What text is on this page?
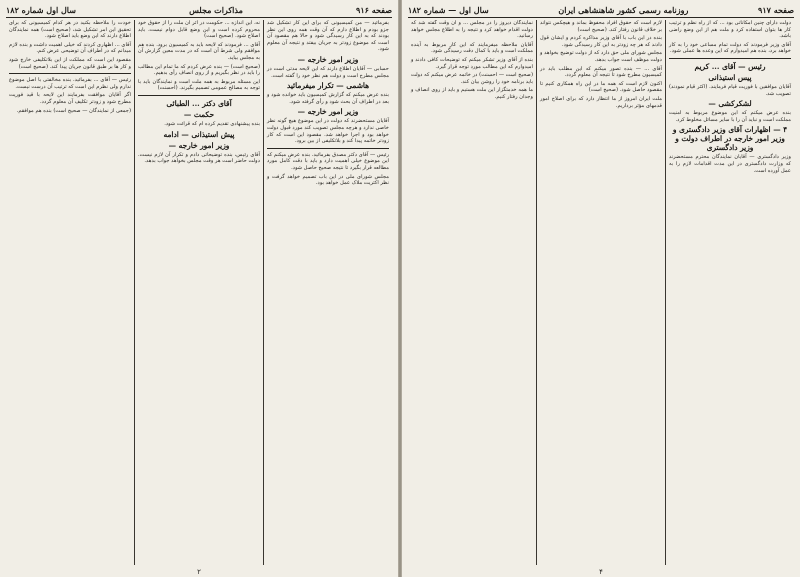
صفحه ۹۱۶
مذاکرات مجلس
سال اول شماره ۱۸۲

بفرمائید — من کمیسیونی که برای این کار تشکیل شد جزو بودم و اطلاع دارم که آن وقت همه روی این نظر بودند که به این کار رسیدگی شود و حالا هم مقصود آن است که موضوع زودتر به جریان بیفتد و نتیجه آن معلوم شود.

وزیر امور خارجه —

حسابی — آقایان اطلاع دارند که این لایحه مدتی است در مجلس مطرح است و دولت هم نظر خود را گفته است.

هاشمی — تکرار میفرمائید

بنده عرض میکنم که گزارش کمیسیون باید خوانده شود و بعد در اطراف آن بحث شود و رأی گرفته شود.

وزیر امور خارجه —

آقایان مستحضرند که دولت در این موضوع هیچ گونه نظر خاصی ندارد و هرچه مجلس تصویب کند مورد قبول دولت خواهد بود و اجرا خواهد شد. مقصود این است که کار زودتر خاتمه پیدا کند و بلاتکلیفی از بین برود.

رئیس — آقای دکتر مصدق بفرمائید. بنده عرض میکنم که این موضوع خیلی اهمیت دارد و باید با دقت کامل مورد مطالعه قرار بگیرد تا نتیجه صحیح حاصل شود.

مجلس شورای ملی در این باب تصمیم خواهد گرفت و نظر اکثریت ملاک عمل خواهد بود.

نه، این اندازه ... حکومت در اثر آن ملت را از حقوق خود محروم کرده است و این وضع قابل دوام نیست، باید اصلاح شود. (صحیح است)

آقای ... فرمودند که لایحه باید به کمیسیون برود. بنده هم موافقم ولی شرط آن است که در مدت معین گزارش آن به مجلس بیاید.

(صحیح است) — بنده عرض کردم که ما تمام این مطالب را باید در نظر بگیریم و از روی انصاف رأی بدهیم.

این مسئله مربوط به همه ملت است و نمایندگان باید با توجه به مصالح عمومی تصمیم بگیرند. (احسنت)

آقای دکتر ... الطبائی
حکمت —

بنده پیشنهادی تقدیم کرده ام که قرائت شود.

پیش استیذانی — ادامه
وزیر امور خارجه —

آقای رئیس، بنده توضیحاتی دادم و تکرار آن لازم نیست. دولت حاضر است هر وقت مجلس بخواهد جواب بدهد.

خودت را ملاحظه بکنید در هر کدام کمیسیونی که برای تحقیق این امر تشکیل شد، (صحیح است) همه نمایندگان اطلاع دارند که این وضع باید اصلاح شود.

آقای ... اظهاری کردند که خیلی اهمیت داشت و بنده لازم میدانم که در اطراف آن توضیحی عرض کنم.

مقصود این است که مملکت از این بلاتکلیفی خارج شود و کار ها بر طبق قانون جریان پیدا کند. (صحیح است)

رئیس — آقای ... بفرمائید. بنده مخالفتی با اصل موضوع ندارم ولی نظرم این است که ترتیب آن درست نیست.

اگر آقایان موافقت بفرمایند این لایحه با قید فوریت مطرح شود و زودتر تکلیف آن معلوم گردد.

(جمعی از نمایندگان — صحیح است) بنده هم موافقم.

۲
صفحه ۹۱۷
روزنامه رسمی کشور شاهنشاهی ایران
سال اول — شماره ۱۸۲

دولت دارای چنین امکاناتی بود ... که از راه نظم و ترتیب کار ها بتوان استفاده کرد و ملت هم از این وضع راضی باشد.

آقای وزیر فرمودند که دولت تمام مساعی خود را به کار خواهد برد، بنده هم امیدوارم که این وعده ها عملی شود.

رئیس — آقای ... کریم
پیس استیذانی

آقایان موافقین با فوریت قیام فرمایند. (اکثر قیام نمودند) تصویب شد.

لشکرکشی —

بنده عرض میکنم که این موضوع مربوط به امنیت مملکت است و نباید آن را با سایر مسائل مخلوط کرد.

۴ — اظهارات آقای وزیر دادگستری و وزیر امور خارجه در اطراف دولت و وزیر دادگستری

وزیر دادگستری — آقایان نمایندگان محترم مستحضرند که وزارت دادگستری در این مدت اقدامات لازم را به عمل آورده است.

لازم است که حقوق افراد محفوظ بماند و هیچکس نتواند بر خلاف قانون رفتار کند. (صحیح است)

بنده در این باب با آقای وزیر مذاکره کردم و ایشان قول دادند که هر چه زودتر به این کار رسیدگی شود.

مجلس شورای ملی حق دارد که از دولت توضیح بخواهد و دولت موظف است جواب بدهد.

آقای ... — بنده تصور میکنم که این مطلب باید در کمیسیون مطرح شود تا نتیجه آن معلوم گردد.

اکنون لازم است که همه ما در این راه همکاری کنیم تا مقصود حاصل شود. (صحیح است)

ملت ایران امروز از ما انتظار دارد که برای اصلاح امور قدمهای مؤثر برداریم.

نمایندگان دیروز را در مجلس ... و آن وقت گفته شد که دولت اقدام خواهد کرد و نتیجه را به اطلاع مجلس خواهد رسانید.

آقایان ملاحظه میفرمایند که این کار مربوط به آینده مملکت است و باید با کمال دقت رسیدگی شود.

بنده از آقای وزیر تشکر میکنم که توضیحات کافی دادند و امیدوارم که این مطالب مورد توجه قرار گیرد.

(صحیح است — احسنت) در خاتمه عرض میکنم که دولت باید برنامه خود را روشن بیان کند.

ما همه خدمتگزار این ملت هستیم و باید از روی انصاف و وجدان رفتار کنیم.

۴
